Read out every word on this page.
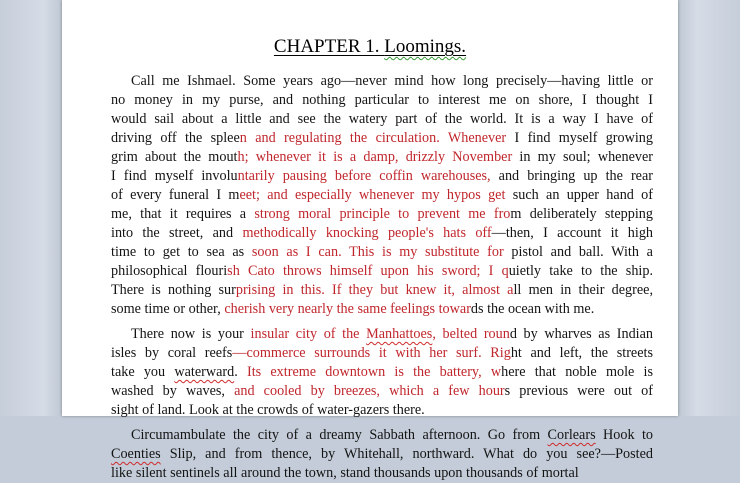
CHAPTER 1. Loomings.
Call me Ishmael. Some years ago—never mind how long precisely—having little or
no money in my purse, and nothing particular to interest me on shore, I thought I
would sail about a little and see the watery part of the world. It is a way I have of
driving off the spleen and regulating the circulation. Whenever I find myself growing
grim about the mouth; whenever it is a damp, drizzly November in my soul; whenever
I find myself involuntarily pausing before coffin warehouses, and bringing up the rear
of every funeral I meet; and especially whenever my hypos get such an upper hand of
me, that it requires a strong moral principle to prevent me from deliberately stepping
into the street, and methodically knocking people's hats off—then, I account it high
time to get to sea as soon as I can. This is my substitute for pistol and ball. With a
philosophical flourish Cato throws himself upon his sword; I quietly take to the ship.
There is nothing surprising in this. If they but knew it, almost all men in their degree,
some time or other, cherish very nearly the same feelings towards the ocean with me.
There now is your insular city of the Manhattoes, belted round by wharves as Indian
isles by coral reefs—commerce surrounds it with her surf. Right and left, the streets
take you waterward. Its extreme downtown is the battery, where that noble mole is
washed by waves, and cooled by breezes, which a few hours previous were out of
sight of land. Look at the crowds of water-gazers there.
Circumambulate the city of a dreamy Sabbath afternoon. Go from Corlears Hook to
Coenties Slip, and from thence, by Whitehall, northward. What do you see?—Posted
like silent sentinels all around the town, stand thousands upon thousands of mortal
